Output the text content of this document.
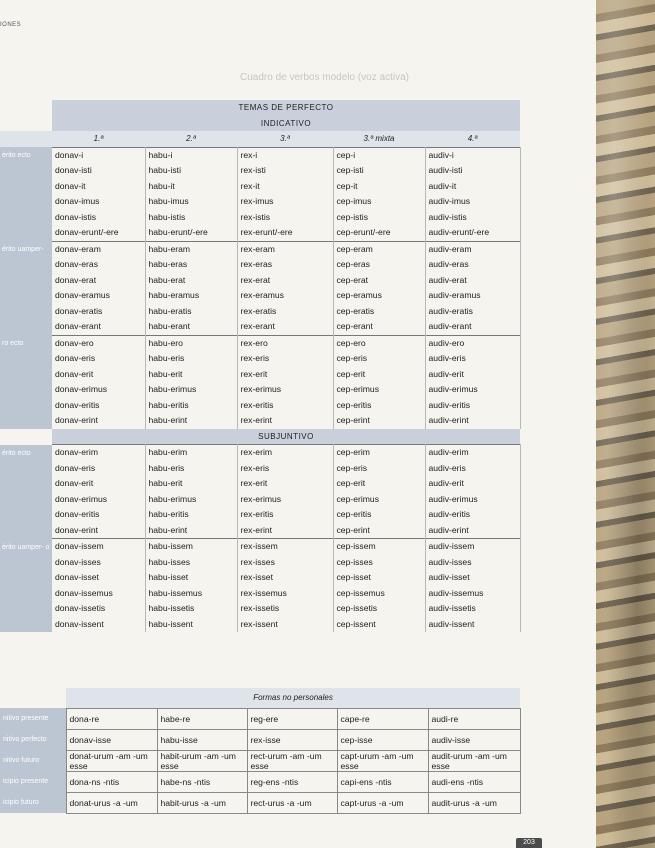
IONES
Cuadro de verbos modelo (voz activa)
	TEMAS DE PERFECTO				
	INDICATIVO				
	1.ª	2.ª	3.ª	3.ª mixta	4.ª
érito ecto	donav-i	habu-i	rex-i	cep-i	audiv-i
	donav-isti	habu-isti	rex-isti	cep-isti	audiv-isti
	donav-it	habu-it	rex-it	cep-it	audiv-it
	donav-imus	habu-imus	rex-imus	cep-imus	audiv-imus
	donav-istis	habu-istis	rex-istis	cep-istis	audiv-istis
	donav-erunt/-ere	habu-erunt/-ere	rex-erunt/-ere	cep-erunt/-ere	audiv-erunt/-ere
érito uamper-	donav-eram	habu-eram	rex-eram	cep-eram	audiv-eram
	donav-eras	habu-eras	rex-eras	cep-eras	audiv-eras
	donav-erat	habu-erat	rex-erat	cep-erat	audiv-erat
	donav-eramus	habu-eramus	rex-eramus	cep-eramus	audiv-eramus
	donav-eratis	habu-eratis	rex-eratis	cep-eratis	audiv-eratis
	donav-erant	habu-erant	rex-erant	cep-erant	audiv-erant
ro ecto	donav-ero	habu-ero	rex-ero	cep-ero	audiv-ero
	donav-eris	habu-eris	rex-eris	cep-eris	audiv-eris
	donav-erit	habu-erit	rex-erit	cep-erit	audiv-erit
	donav-erimus	habu-erimus	rex-erimus	cep-erimus	audiv-erimus
	donav-eritis	habu-eritis	rex-eritis	cep-eritis	audiv-eritis
	donav-erint	habu-erint	rex-erint	cep-erint	audiv-erint
	SUBJUNTIVO				
érito ecto	donav-erim	habu-erim	rex-erim	cep-erim	audiv-erim
	donav-eris	habu-eris	rex-eris	cep-eris	audiv-eris
	donav-erit	habu-erit	rex-erit	cep-erit	audiv-erit
	donav-erimus	habu-erimus	rex-erimus	cep-erimus	audiv-erimus
	donav-eritis	habu-eritis	rex-eritis	cep-eritis	audiv-eritis
	donav-erint	habu-erint	rex-erint	cep-erint	audiv-erint
érito uamper- o	donav-issem	habu-issem	rex-issem	cep-issem	audiv-issem
	donav-isses	habu-isses	rex-isses	cep-isses	audiv-isses
	donav-isset	habu-isset	rex-isset	cep-isset	audiv-isset
	donav-issemus	habu-issemus	rex-issemus	cep-issemus	audiv-issemus
	donav-issetis	habu-issetis	rex-issetis	cep-issetis	audiv-issetis
	donav-issent	habu-issent	rex-issent	cep-issent	audiv-issent
	Formas no personales				
nitivo presente	dona-re	habe-re	reg-ere	cape-re	audi-re
nitivo perfecto	donav-isse	habu-isse	rex-isse	cep-isse	audiv-isse
nitivo futuro	donat-urum -am -um esse	habit-urum -am -um esse	rect-urum -am -um esse	capt-urum -am -um esse	audit-urum -am -um esse
icipio presente	dona-ns -ntis	habe-ns -ntis	reg-ens -ntis	capi-ens -ntis	audi-ens -ntis
icipio futuro	donat-urus -a -um	habit-urus -a -um	rect-urus -a -um	capt-urus -a -um	audit-urus -a -um
203
